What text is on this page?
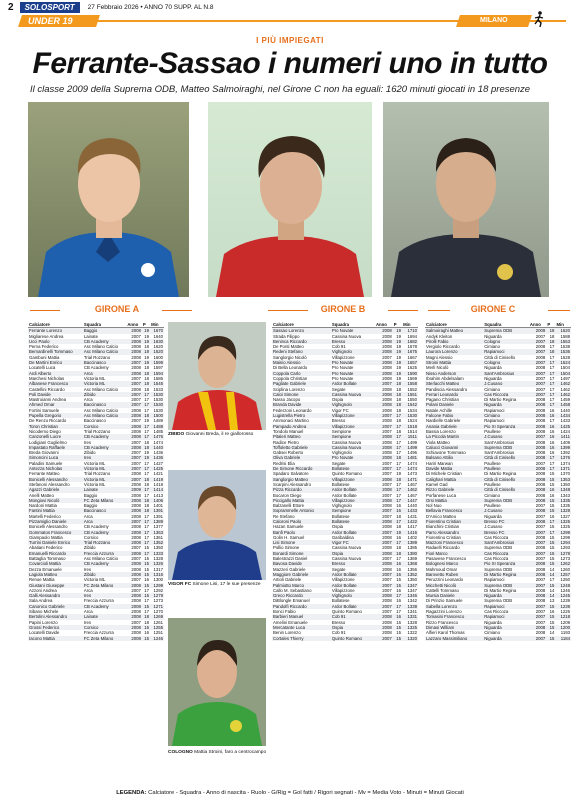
2	SOLOSPORT	27 Febbraio 2026 • ANNO 70 SUPP. AL N.8
UNDER 19	MILANO
I PIÙ IMPIEGATI
Ferrante-Sassao i numeri uno in tutto
Il classe 2009 della Suprema ODB, Matteo Salmoiraghi, nel Girone C non ha eguali: 1620 minuti giocati in 18 presenze
GIRONE A	GIRONE B	GIRONE C
Calciatore	Squadra	Anno	P	Min
Ferrante Lorenzo	Baggio	2008	19	1670
Migliarese Andrea	Lainate	2007	19	1640
Ucci Paolo	CB Academy	2008	19	1630
Perna Federico	Asc Milano Calcio	2008	18	1620
Bernardinelli Tommaso	Asc Milano Calcio	2008	18	1620
Gambuni Mattia	Trial Rozzano	2008	19	1600
De Martini Enrico	Baccinasco	2007	19	1599
Locatelli Luca	CB Academy	2008	18	1597
Ardi Alberto	Arca	2008	18	1594
Marchesi Nicholas	Victoria ML	2007	18	1586
Albanese Francesco	Victoria ML	2007	18	1545
Castellini Riccardo	Asc Milano Calcio	2008	18	1533
Poli Davide	Zibido	2007	17	1530
Mastroianni Andrea	Arca	2007	17	1530
Ahmed Omar	Baccinasco	2007	17	1530
Fortini Samuele	Asc Milano Calcio	2008	17	1530
Pupella Gregorio	Asc Milano Calcio	2008	18	1500
De Renzo Riccardo	Baccinasco	2007	19	1489
Toron Christian	Corsico	2008	17	1488
Nicodemo Diego	Trial Rozzano	2008	17	1485
Canzonelli Lucre	CB Academy	2008	17	1476
Lodigiani Guglielmo	Ires	2007	18	1474
Impastato Raffaele	CB Academy	2008	18	1440
Breda Giovanni	Zibido	2007	19	1436
Simoncini Luca	Ires	2007	19	1436
Paladini Samuele	Victoria ML	2007	17	1427
Antezza Nicholas	Victoria ML	2007	17	1425
Ferrante Matteo	Trial Rozzano	2008	17	1421
Bonicelli Alessandro	Victoria ML	2007	18	1419
Stefanoni Alessandro	Victoria ML	2008	18	1418
Agazzi Gabriele	Lainate	2009	17	1414
Anelli Matteo	Baggio	2008	17	1413
Mongiovi Nicolò	FC Zeta Milano	2008	18	1406
Nardoni Mattia	Baggio	2008	18	1401
Fantini Mattia	Baccinasco	2008	18	1391
Martelli Federico	Arca	2008	17	1391
Pizzamiglio Daniele	Arca	2007	17	1389
Bonicelli Alessandro	CB Academy	2008	17	1377
Gommatos Francesco	CB Academy	2008	17	1363
Giampaolo Mattia	Corsico	2008	17	1361
Turrini Daniele Enrico	Trial Rozzano	2008	17	1352
Abatiani Federico	Zibido	2007	15	1350
Emanuelli Riccardo	Freccia Azzurra	2008	17	1333
Battaglia Tommaso	Asc Milano Calcio	2007	15	1328
Covarcioli Mattia	CB Academy	2008	15	1326
Dezza Emanuele	Ires	2008	15	1317
Lagiola Matteo	Zibido	2008	15	1316
Renoe Mattia	Victoria ML	2007	16	1300
Giustani Giuseppe	FC Zeta Milano	2008	15	1299
Azzoni Andrea	Arca	2007	17	1292
Galli Alessandro	Ires	2008	15	1279
Sala Andrea	Freccia Azzurra	2008	17	1273
Canonico Gabriele	CB Academy	2008	15	1271
Sibano Michele	Arca	2008	17	1270
Bertolini Alessandro	Lainate	2008	18	1269
Papini Lorenzo	Ires	2007	18	1261
Grossi Federico	Corsico	2008	15	1255
Locatelli Davide	Freccia Azzurra	2008	16	1251
Iacono Mattia	FC Zeta Milano	2008	15	1246
Calciatore	Squadra	Anno	P	Min
Sassao Lorenzo	Pro Novate	2008	19	1710
Strada Filippo	Cassina Nuova	2008	19	1694
Beninca Riccardo	Bresso	2008	19	1682
De Ponti Matteo	Cob 91	2008	19	1678
Redeni Stefano	Vighignolo	2008	19	1675
Sanglorgio Nicolò	Villapizzone	2007	19	1667
Mainio Alessio	Pro Novate	2008	19	1657
Di Bella Leonardo	Pro Novate	2008	19	1625
Coppola Carlo	Pro Novate	2008	19	1590
Coppola Christian	Pro Novate	2008	19	1569
Pagliate Gabriele	Ardor Bollate	2007	18	1558
Sciplina Lorenzo	Segate	2008	18	1552
Caloi Simone	Cassina Nuova	2008	18	1551
Nasso Jacopo	Ospia	2008	18	1550
Branda Davide	Vighignolo	2008	18	1542
Federzoni Leonardo	Vigor FC	2008	18	1534
Lugistrella Pietro	Villapizzone	2007	17	1530
Ammonaci Martino	Bresso	2008	18	1524
Pampado Andrea	Villapizzone	2007	17	1518
Tondolo Manuel	Sempione	2007	18	1514
Pitaleri Matteo	Sempione	2008	17	1511
Radice Pietro	Cassina Nuova	2008	17	1499
Toffoletto Gabriele	Cassina Nuova	2008	17	1499
Gabsei Roberto	Vighignolo	2008	17	1496
Oliva Gabriele	Pro Novate	2008	18	1481
Redrisi Elia	Segate	2007	17	1474
De Simone Riccardo	Bollatese	2007	17	1474
Spadaro Salvatore	Quinto Romano	2007	19	1473
Sanglorgio Matteo	Villapizzone	2008	18	1471
Scarpini Alessandro	Bollatese	2007	17	1467
Pizza Riccardo	Ardor Bollate	2008	17	1462
Bocaron Diego	Ardor Bollate	2007	17	1467
Piccigallo Mattia	Villapizzone	2008	17	1447
Balzanelli Ettore	Vighignolo	2008	16	1440
Soprammelle Antonio	Sempione	2007	16	1433
Re Stefano	Bollatese	2007	18	1431
Caloroni Paolo	Bollatese	2008	17	1422
Hazan Samuele	Ospia	2008	18	1417
Banfi Paolo	Ardor Bollate	2007	19	1416
Golin H. Samuel	Garibaldina	2008	16	1402
Lisi Simone	Vigor FC	2007	17	1389
Pollio Simone	Cassina Nuova	2008	18	1385
Bonardi Simone	Ospia	2008	18	1380
Balestrazzi Daniel	Cassina Nuova	2007	17	1369
Bavosa Davide	Bresso	2008	16	1368
Mazzeri Gabriele	Segate	2008	16	1356
Maggiore Gabriele	Ardor Bollate	2007	16	1352
Artioli Gabriele	Villapizzone	2007	15	1350
Palmiotto Marco	Ardor Bollate	2007	15	1347
Callo M. Sebastiano	Villapizzone	2007	16	1347
Greco Riccardo	Vighignolo	2008	17	1346
DiBlongle Emanuel	Bollatese	2008	16	1342
Pandolfi Riccardo	Ardor Bollate	2007	17	1339
Bonci Fabio	Quinto Romano	2007	17	1341
Barbieri Manuel	Cob 91	2008	16	1331
Amelini Emanuele	Bresso	2008	16	1328
Mercatante Luca	Ospia	2008	15	1325
Benin Lorenzo	Cob 91	2008	15	1322
Cortales Thierry	Quinto Romano	2007	15	1320
Calciatore	Squadra	Anno	P	Min
Salmoiraghi Matteo	Suprema ODB	2009	18	1620
Andyk Kleiton	Niguarda	2007	18	1588
Pirolli Fabio	Cologno	2007	18	1553
Vergiolo Riccardo	Cimiano	2008	17	1538
Laurora Lorenzo	Rapiamoci	2007	18	1536
Magni Alessio	Città di Cinisello	2008	17	1528
Stroini Mattia	Cologno	2007	17	1524
Merli Nicolò	Niguarda	2008	17	1504
Nisso Anderson	Sant'Ambrosius	2007	17	1504
Ibrahim Abdelsalam	Niguarda	2007	17	1497
Sterlacchi Matteo	J.Cusano	2007	17	1462
Pandiscia Alessandro	Cimiano	2007	17	1462
Ferrari Leonardo	Cas Riccoza	2007	17	1462
Pagano Christian	Di Martio Regina	2008	17	1459
Polani Daniele	Niguarda	2008	17	1458
Natale Achille	Rapiamoci	2008	16	1440
Falcone Fabio	Cimiano	2008	16	1434
Nardielle Gabriele	Rapiamoci	2008	17	1433
Anania Gabriele	Pio XI Speranza	2008	16	1425
Bassia Lorenzo	Paullese	2008	16	1424
La Piccola Martin	J.Cusano	2007	16	1411
Viola Matteo	Sant'Ambrosius	2008	16	1409
Calucci Giovanni	Suprema ODB	2008	16	1399
Schiavone Tommaso	Sant'Ambrosius	2008	16	1392
Balsano Attilio	Città di Cinisello	2008	17	1376
Hariri Marwan	Paullese	2007	17	1374
Davide Mattia	Paullese	2008	17	1371
Di Michele Cristian	Di Martio Regina	2008	15	1370
Calighari Mattia	Città di Cinisello	2008	15	1353
Kamel Gad	Paullese	2008	15	1350
Rizzo Gabriele	Città di Cinisello	2008	16	1348
Porfanese Luca	Cimiano	2008	16	1343
Orsi Mattia	Suprema ODB	2008	15	1335
Nol Nuo	Paullese	2007	15	1335
Bellavia Francesco	J.Cusano	2008	15	1328
D'Amico Matteo	Niguarda	2007	16	1327
Fiorentino Cristian	Bresso FC	2008	17	1325
Bianchini Cristian	J.Cusano	2007	15	1325
Parro Alessandro	Bresso FC	2007	17	1299
Fiorentino Cristian	Cas Riccoza	2008	15	1299
Mazzoni Francesco	Sant'Ambrosius	2007	15	1294
Radaelli Riccardo	Suprema ODB	2008	15	1293
Fiori Marco	Cas Riccoza	2007	15	1278
Pasavese Francesco	Cas Riccoza	2007	15	1273
Bolognesi Marco	Pio XI Speranza	2008	15	1262
Mahmoud Omar	Suprema ODB	2008	14	1260
Barovetto Ruben	Di Martio Regina	2008	14	1257
Peruzzini Leonardo	Rapiamoci	2007	17	1250
Micchetti Nicolò	Suprema ODB	2007	15	1248
Cattelli Tommaso	Di Martio Regina	2008	14	1246
Mursia Daniele	Niguarda	2008	14	1245
Di Prinzio Samuele	Suprema ODB	2008	13	1239
Sabella Lorenzo	Rapiamoci	2007	15	1239
Ragazzini Lorenzo	Cas Riccoza	2007	16	1226
Tomasini Francesco	Rapiamoci	2007	15	1218
Rizzo Francesco	Niguarda	2007	15	1209
Dimasi William	Niguarda	2008	15	1200
Alfieri Karol Thomas	Cimiano	2008	14	1193
Lazzaro Massimiliano	Niguarda	2007	15	1184
ZIBIDO Giovanni Breda, il re giallorosso
VIGOR FC Simone Lisi, 17 le sue presenze
COLOGNO Mattia Stroini, faro a centrocampo
LEGENDA: Calciatore - Squadra - Anno di nascita - Ruolo - G/Rig = Gol fatti / Rigori segnati - Mv = Media Voto - Minuti = Minuti Giocati
